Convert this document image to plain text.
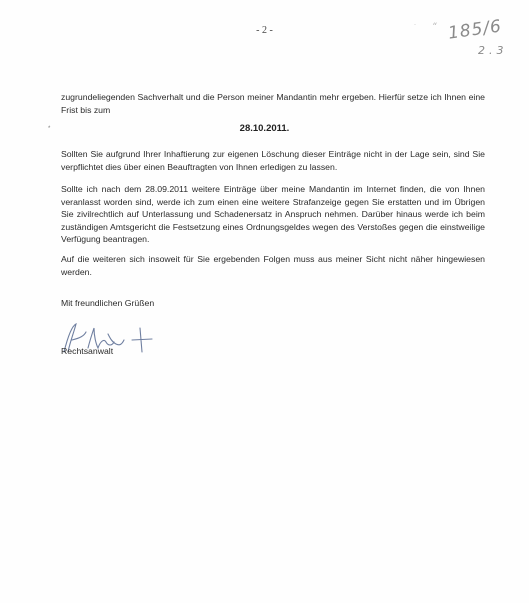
- 2 -	· “ 185/6
2.3

zugrundeliegenden Sachverhalt und die Person meiner Mandantin mehr ergeben. Hierfür setze ich Ihnen eine Frist bis zum

*	28.10.2011.

Sollten Sie aufgrund Ihrer Inhaftierung zur eigenen Löschung dieser Einträge nicht in der Lage sein, sind Sie verpflichtet dies über einen Beauftragten von Ihnen erledigen zu lassen.

Sollte ich nach dem 28.09.2011 weitere Einträge über meine Mandantin im Internet finden, die von Ihnen veranlasst worden sind, werde ich zum einen eine weitere Strafanzeige gegen Sie erstatten und im Übrigen Sie zivilrechtlich auf Unterlassung und Schadenersatz in Anspruch nehmen. Darüber hinaus werde ich beim zuständigen Amtsgericht die Festsetzung eines Ordnungsgeldes wegen des Verstoßes gegen die einstweilige Verfügung beantragen.

Auf die weiteren sich insoweit für Sie ergebenden Folgen muss aus meiner Sicht nicht näher hingewiesen werden.

Mit freundlichen Grüßen
Rechtsanwalt
